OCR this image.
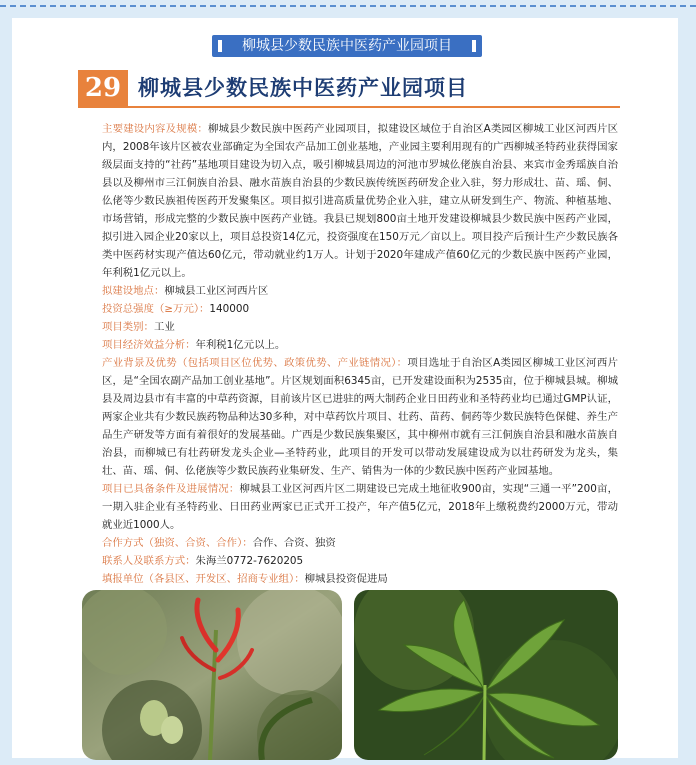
柳城县少数民族中医药产业园项目
29 柳城县少数民族中医药产业园项目

主要建设内容及规模：柳城县少数民族中医药产业园项目，拟建设区域位于自治区A类园区柳城工业区河西片区内，2008年该片区被农业部确定为全国农产品加工创业基地，产业园主要利用现有的广西柳城圣特药业获得国家级层面支持的“社药”基地项目建设为切入点，吸引柳城县周边的河池市罗城仫佬族自治县、来宾市金秀瑶族自治县以及柳州市三江侗族自治县、融水苗族自治县的少数民族传统医药研发企业入驻，努力形成壮、苗、瑶、侗、仫佬等少数民族祖传医药开发聚集区。项目拟引进高质量优势企业入驻，建立从研发到生产、物流、种植基地、市场营销，形成完整的少数民族中医药产业链。我县已规划800亩土地开发建设柳城县少数民族中医药产业园，拟引进入园企业20家以上，项目总投资14亿元，投资强度在150万元／亩以上。项目投产后预计生产少数民族各类中医药材实现产值达60亿元，带动就业约1万人。计划于2020年建成产值60亿元的少数民族中医药产业园，年利税1亿元以上。

拟建设地点：柳城县工业区河西片区

投资总强度（≥万元）：140000

项目类别：工业

项目经济效益分析：年利税1亿元以上。

产业背景及优势（包括项目区位优势、政策优势、产业链情况）：项目选址于自治区A类园区柳城工业区河西片区，是“全国农副产品加工创业基地”。片区规划面积6345亩，已开发建设面积为2535亩，位于柳城县城。柳城县及周边县市有丰富的中草药资源，目前该片区已进驻的两大制药企业日田药业和圣特药业均已通过GMP认证，两家企业共有少数民族药物品种达30多种，对中草药饮片项目、壮药、苗药、侗药等少数民族特色保健、养生产品生产研发等方面有着很好的发展基础。广西是少数民族集聚区，其中柳州市就有三江侗族自治县和融水苗族自治县，而柳城已有壮药研发龙头企业—圣特药业，此项目的开发可以带动发展建设成为以壮药研发为龙头，集壮、苗、瑶、侗、仫佬族等少数民族药业集研发、生产、销售为一体的少数民族中医药产业园基地。

项目已具备条件及进展情况：柳城县工业区河西片区二期建设已完成土地征收900亩，实现“三通一平”200亩，一期入驻企业有圣特药业、日田药业两家已正式开工投产，年产值5亿元，2018年上缴税费约2000万元，带动就业近1000人。

合作方式（独资、合资、合作）：合作、合资、独资

联系人及联系方式：朱海兰0772-7620205

填报单位（各县区、开发区、招商专业组）：柳城县投资促进局
